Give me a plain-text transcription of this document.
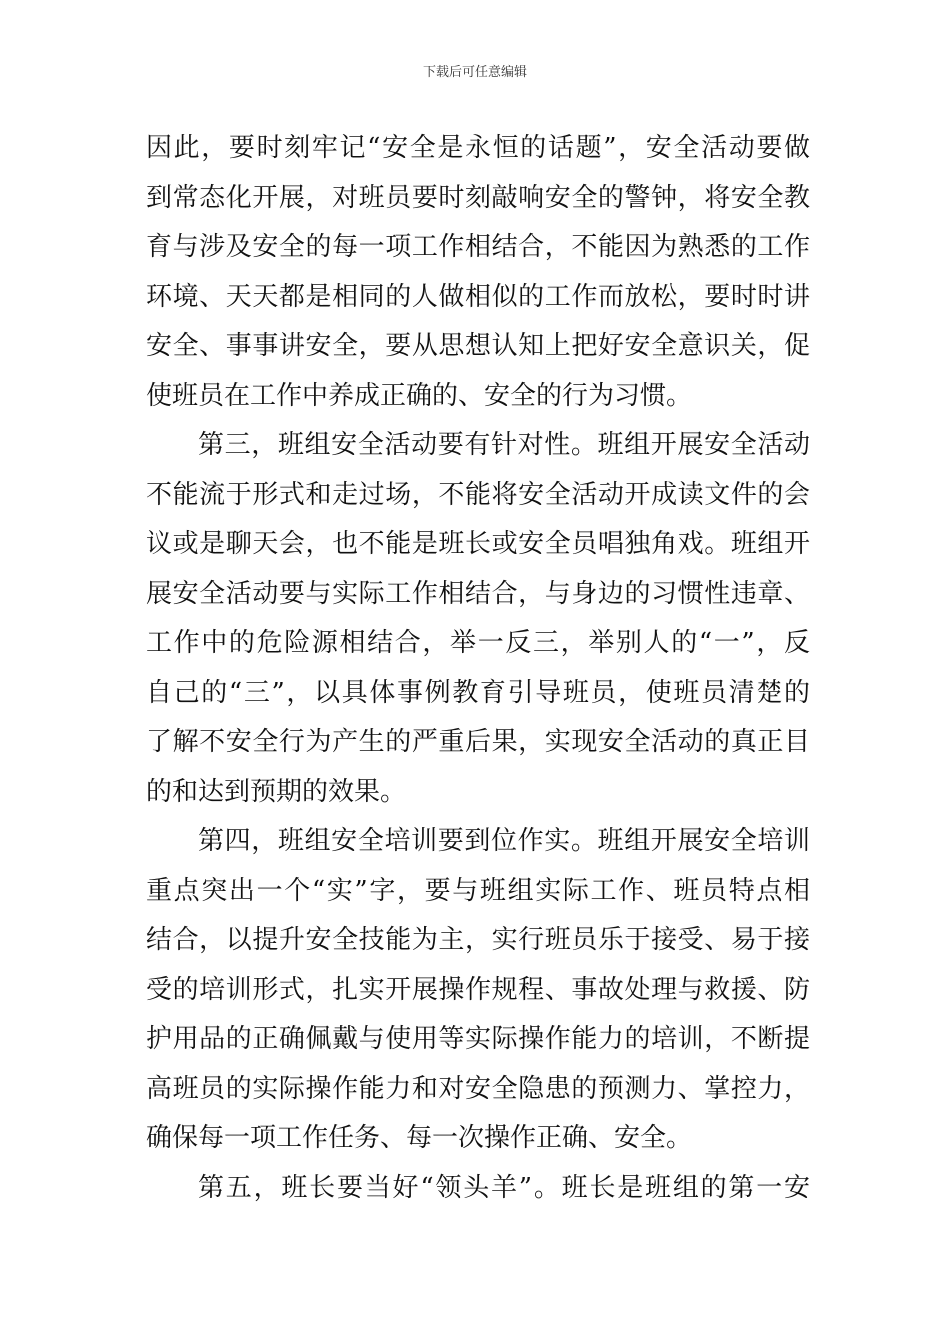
下载后可任意编辑
因此，要时刻牢记“安全是永恒的话题”，安全活动要做
到常态化开展，对班员要时刻敲响安全的警钟，将安全教
育与涉及安全的每一项工作相结合，不能因为熟悉的工作
环境、天天都是相同的人做相似的工作而放松，要时时讲
安全、事事讲安全，要从思想认知上把好安全意识关，促
使班员在工作中养成正确的、安全的行为习惯。
第三，班组安全活动要有针对性。班组开展安全活动
不能流于形式和走过场，不能将安全活动开成读文件的会
议或是聊天会，也不能是班长或安全员唱独角戏。班组开
展安全活动要与实际工作相结合，与身边的习惯性违章、
工作中的危险源相结合，举一反三，举别人的“一”，反
自己的“三”，以具体事例教育引导班员，使班员清楚的
了解不安全行为产生的严重后果，实现安全活动的真正目
的和达到预期的效果。
第四，班组安全培训要到位作实。班组开展安全培训
重点突出一个“实”字，要与班组实际工作、班员特点相
结合，以提升安全技能为主，实行班员乐于接受、易于接
受的培训形式，扎实开展操作规程、事故处理与救援、防
护用品的正确佩戴与使用等实际操作能力的培训，不断提
高班员的实际操作能力和对安全隐患的预测力、掌控力，
确保每一项工作任务、每一次操作正确、安全。
第五，班长要当好“领头羊”。班长是班组的第一安
